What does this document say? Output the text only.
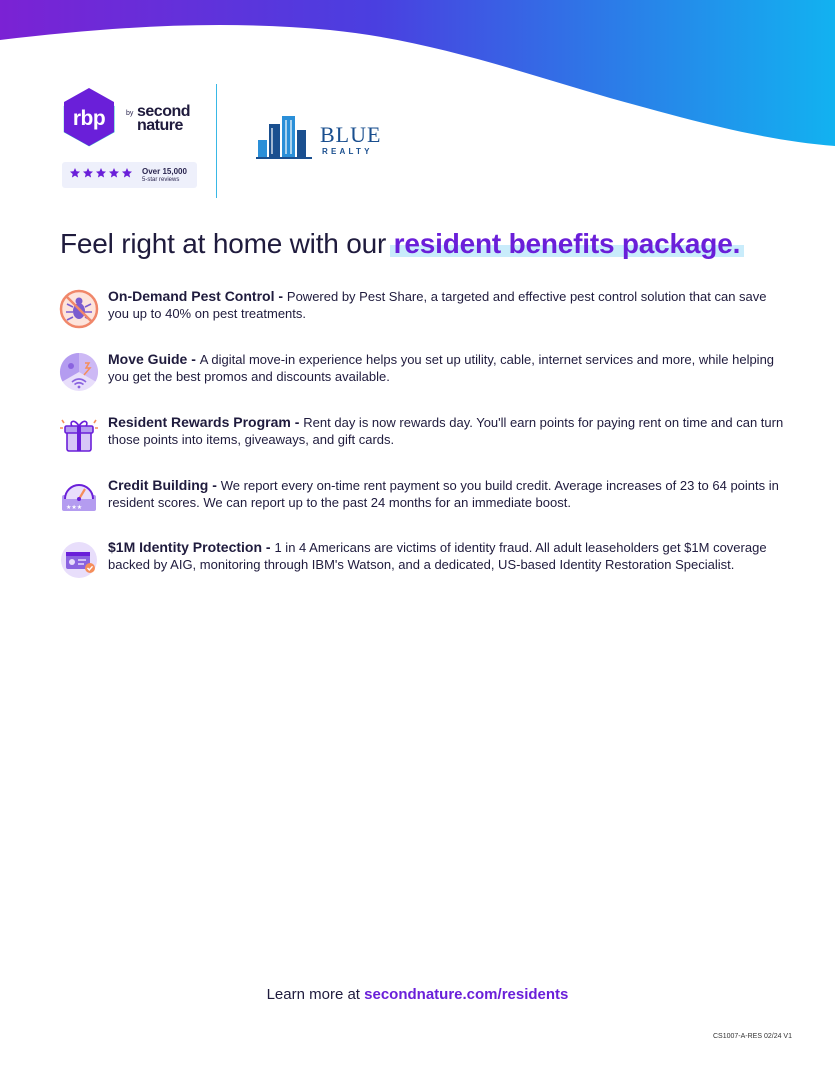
rbp	by second
nature
Over 15,000
5-star reviews
BLUE
REALTY
Feel right at home with our resident benefits package.
On-Demand Pest Control - Powered by Pest Share, a targeted and effective pest control solution that can save you up to 40% on pest treatments.
Move Guide - A digital move-in experience helps you set up utility, cable, internet services and more, while helping you get the best promos and discounts available.
Resident Rewards Program - Rent day is now rewards day. You'll earn points for paying rent on time and can turn those points into items, giveaways, and gift cards.
★★★
Credit Building - We report every on-time rent payment so you build credit. Average increases of 23 to 64 points in resident scores. We can report up to the past 24 months for an immediate boost.
$1M Identity Protection - 1 in 4 Americans are victims of identity fraud. All adult leaseholders get $1M coverage backed by AIG, monitoring through IBM's Watson, and a dedicated, US-based Identity Restoration Specialist.
Learn more at secondnature.com/residents
CS1007-A-RES 02/24 V1
